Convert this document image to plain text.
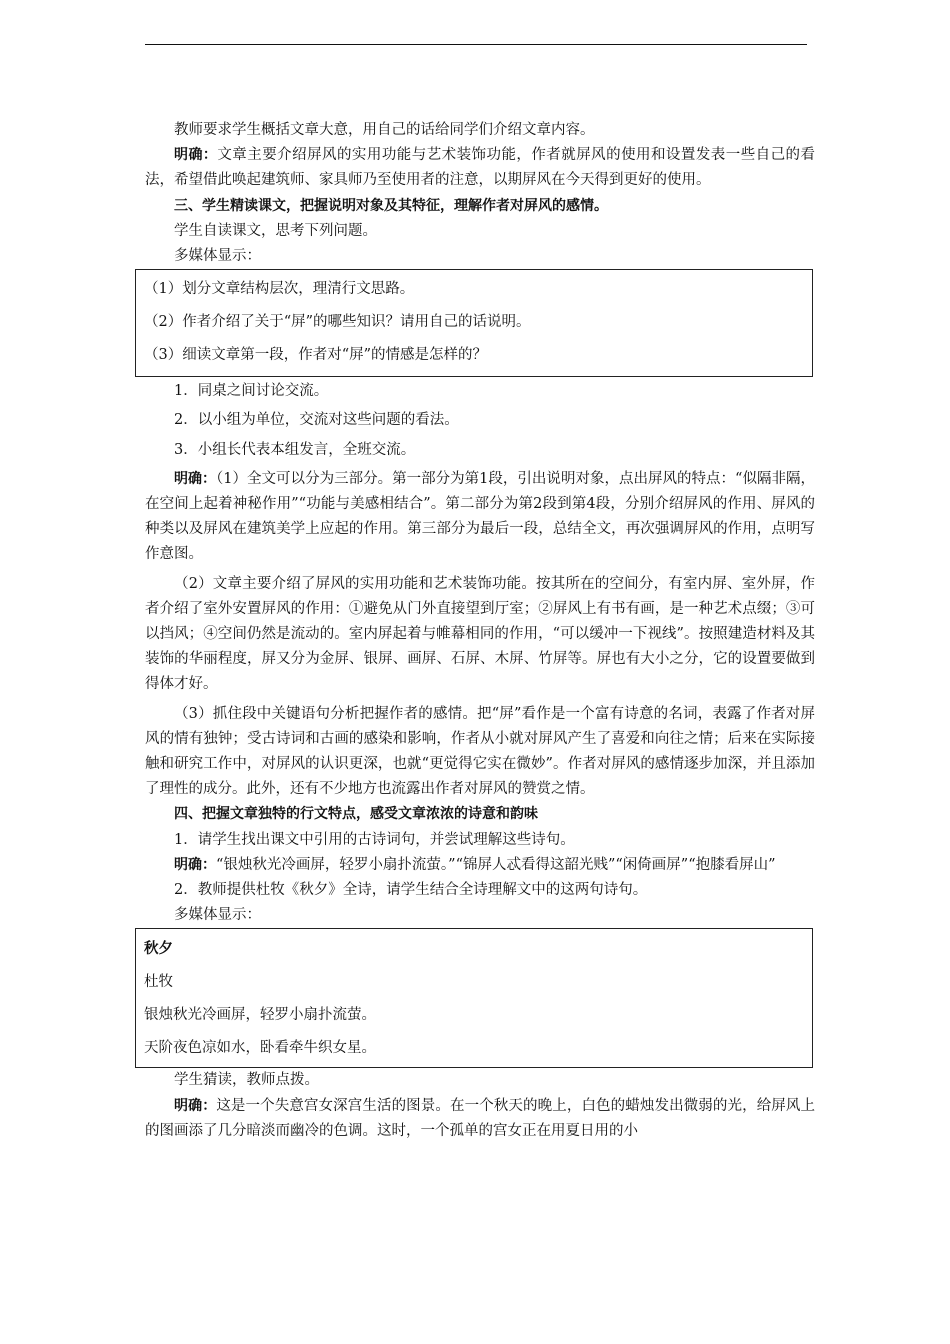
教师要求学生概括文章大意，用自己的话给同学们介绍文章内容。

明确：文章主要介绍屏风的实用功能与艺术装饰功能，作者就屏风的使用和设置发表一些自己的看法，希望借此唤起建筑师、家具师乃至使用者的注意，以期屏风在今天得到更好的使用。

三、学生精读课文，把握说明对象及其特征，理解作者对屏风的感情。

学生自读课文，思考下列问题。

多媒体显示：

（1）划分文章结构层次，理清行文思路。

（2）作者介绍了关于“屏”的哪些知识？请用自己的话说明。

（3）细读文章第一段，作者对“屏”的情感是怎样的？

1．同桌之间讨论交流。

2．以小组为单位，交流对这些问题的看法。

3．小组长代表本组发言，全班交流。

明确：（1）全文可以分为三部分。第一部分为第1段，引出说明对象，点出屏风的特点：“似隔非隔，在空间上起着神秘作用”“功能与美感相结合”。第二部分为第2段到第4段，分别介绍屏风的作用、屏风的种类以及屏风在建筑美学上应起的作用。第三部分为最后一段，总结全文，再次强调屏风的作用，点明写作意图。

（2）文章主要介绍了屏风的实用功能和艺术装饰功能。按其所在的空间分，有室内屏、室外屏，作者介绍了室外安置屏风的作用：①避免从门外直接望到厅室；②屏风上有书有画，是一种艺术点缀；③可以挡风；④空间仍然是流动的。室内屏起着与帷幕相同的作用，“可以缓冲一下视线”。按照建造材料及其装饰的华丽程度，屏又分为金屏、银屏、画屏、石屏、木屏、竹屏等。屏也有大小之分，它的设置要做到得体才好。

（3）抓住段中关键语句分析把握作者的感情。把“屏”看作是一个富有诗意的名词，表露了作者对屏风的情有独钟；受古诗词和古画的感染和影响，作者从小就对屏风产生了喜爱和向往之情；后来在实际接触和研究工作中，对屏风的认识更深，也就“更觉得它实在微妙”。作者对屏风的感情逐步加深，并且添加了理性的成分。此外，还有不少地方也流露出作者对屏风的赞赏之情。

四、把握文章独特的行文特点，感受文章浓浓的诗意和韵味

1．请学生找出课文中引用的古诗词句，并尝试理解这些诗句。

明确：“银烛秋光冷画屏，轻罗小扇扑流萤。”“锦屏人忒看得这韶光贱”“闲倚画屏”“抱膝看屏山”

2．教师提供杜牧《秋夕》全诗，请学生结合全诗理解文中的这两句诗句。

多媒体显示：

秋夕

杜牧

银烛秋光冷画屏，轻罗小扇扑流萤。

天阶夜色凉如水，卧看牵牛织女星。

学生猜读，教师点拨。

明确：这是一个失意宫女深宫生活的图景。在一个秋天的晚上，白色的蜡烛发出微弱的光，给屏风上的图画添了几分暗淡而幽冷的色调。这时，一个孤单的宫女正在用夏日用的小
